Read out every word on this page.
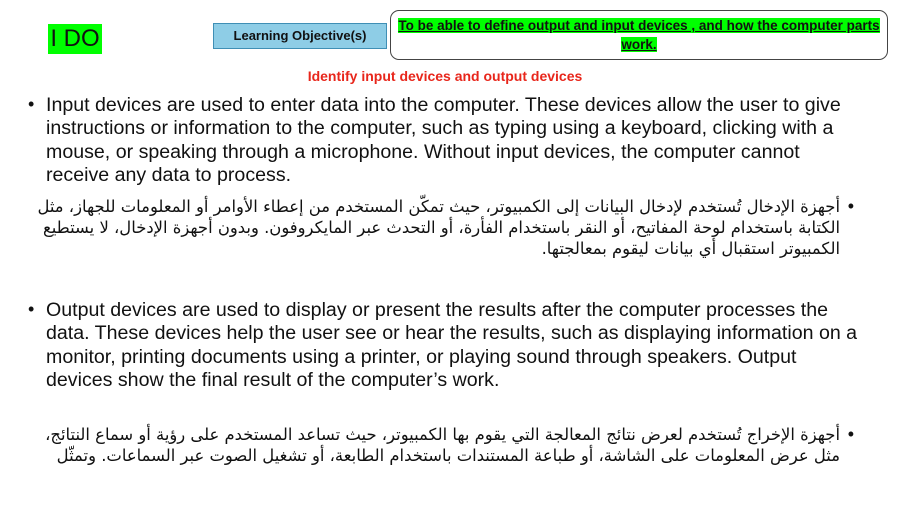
I DO	Learning Objective(s)
To be able to define output and input devices , and how the computer parts work.
Identify input devices and output devices
• Input devices are used to enter data into the computer. These devices allow the user to give instructions or information to the computer, such as typing using a keyboard, clicking with a mouse, or speaking through a microphone. Without input devices, the computer cannot receive any data to process.
•
أجهزة الإدخال تُستخدم لإدخال البيانات إلى الكمبيوتر، حيث تمكّن المستخدم من إعطاء الأوامر أو المعلومات للجهاز، مثل الكتابة باستخدام لوحة المفاتيح، أو النقر باستخدام الفأرة، أو التحدث عبر المايكروفون. وبدون أجهزة الإدخال، لا يستطيع الكمبيوتر استقبال أي بيانات ليقوم بمعالجتها.
• Output devices are used to display or present the results after the computer processes the data. These devices help the user see or hear the results, such as displaying information on a monitor, printing documents using a printer, or playing sound through speakers. Output devices show the final result of the computer’s work.
•
أجهزة الإخراج تُستخدم لعرض نتائج المعالجة التي يقوم بها الكمبيوتر، حيث تساعد المستخدم على رؤية أو سماع النتائج، مثل عرض المعلومات على الشاشة، أو طباعة المستندات باستخدام الطابعة، أو تشغيل الصوت عبر السماعات. وتمثّل
